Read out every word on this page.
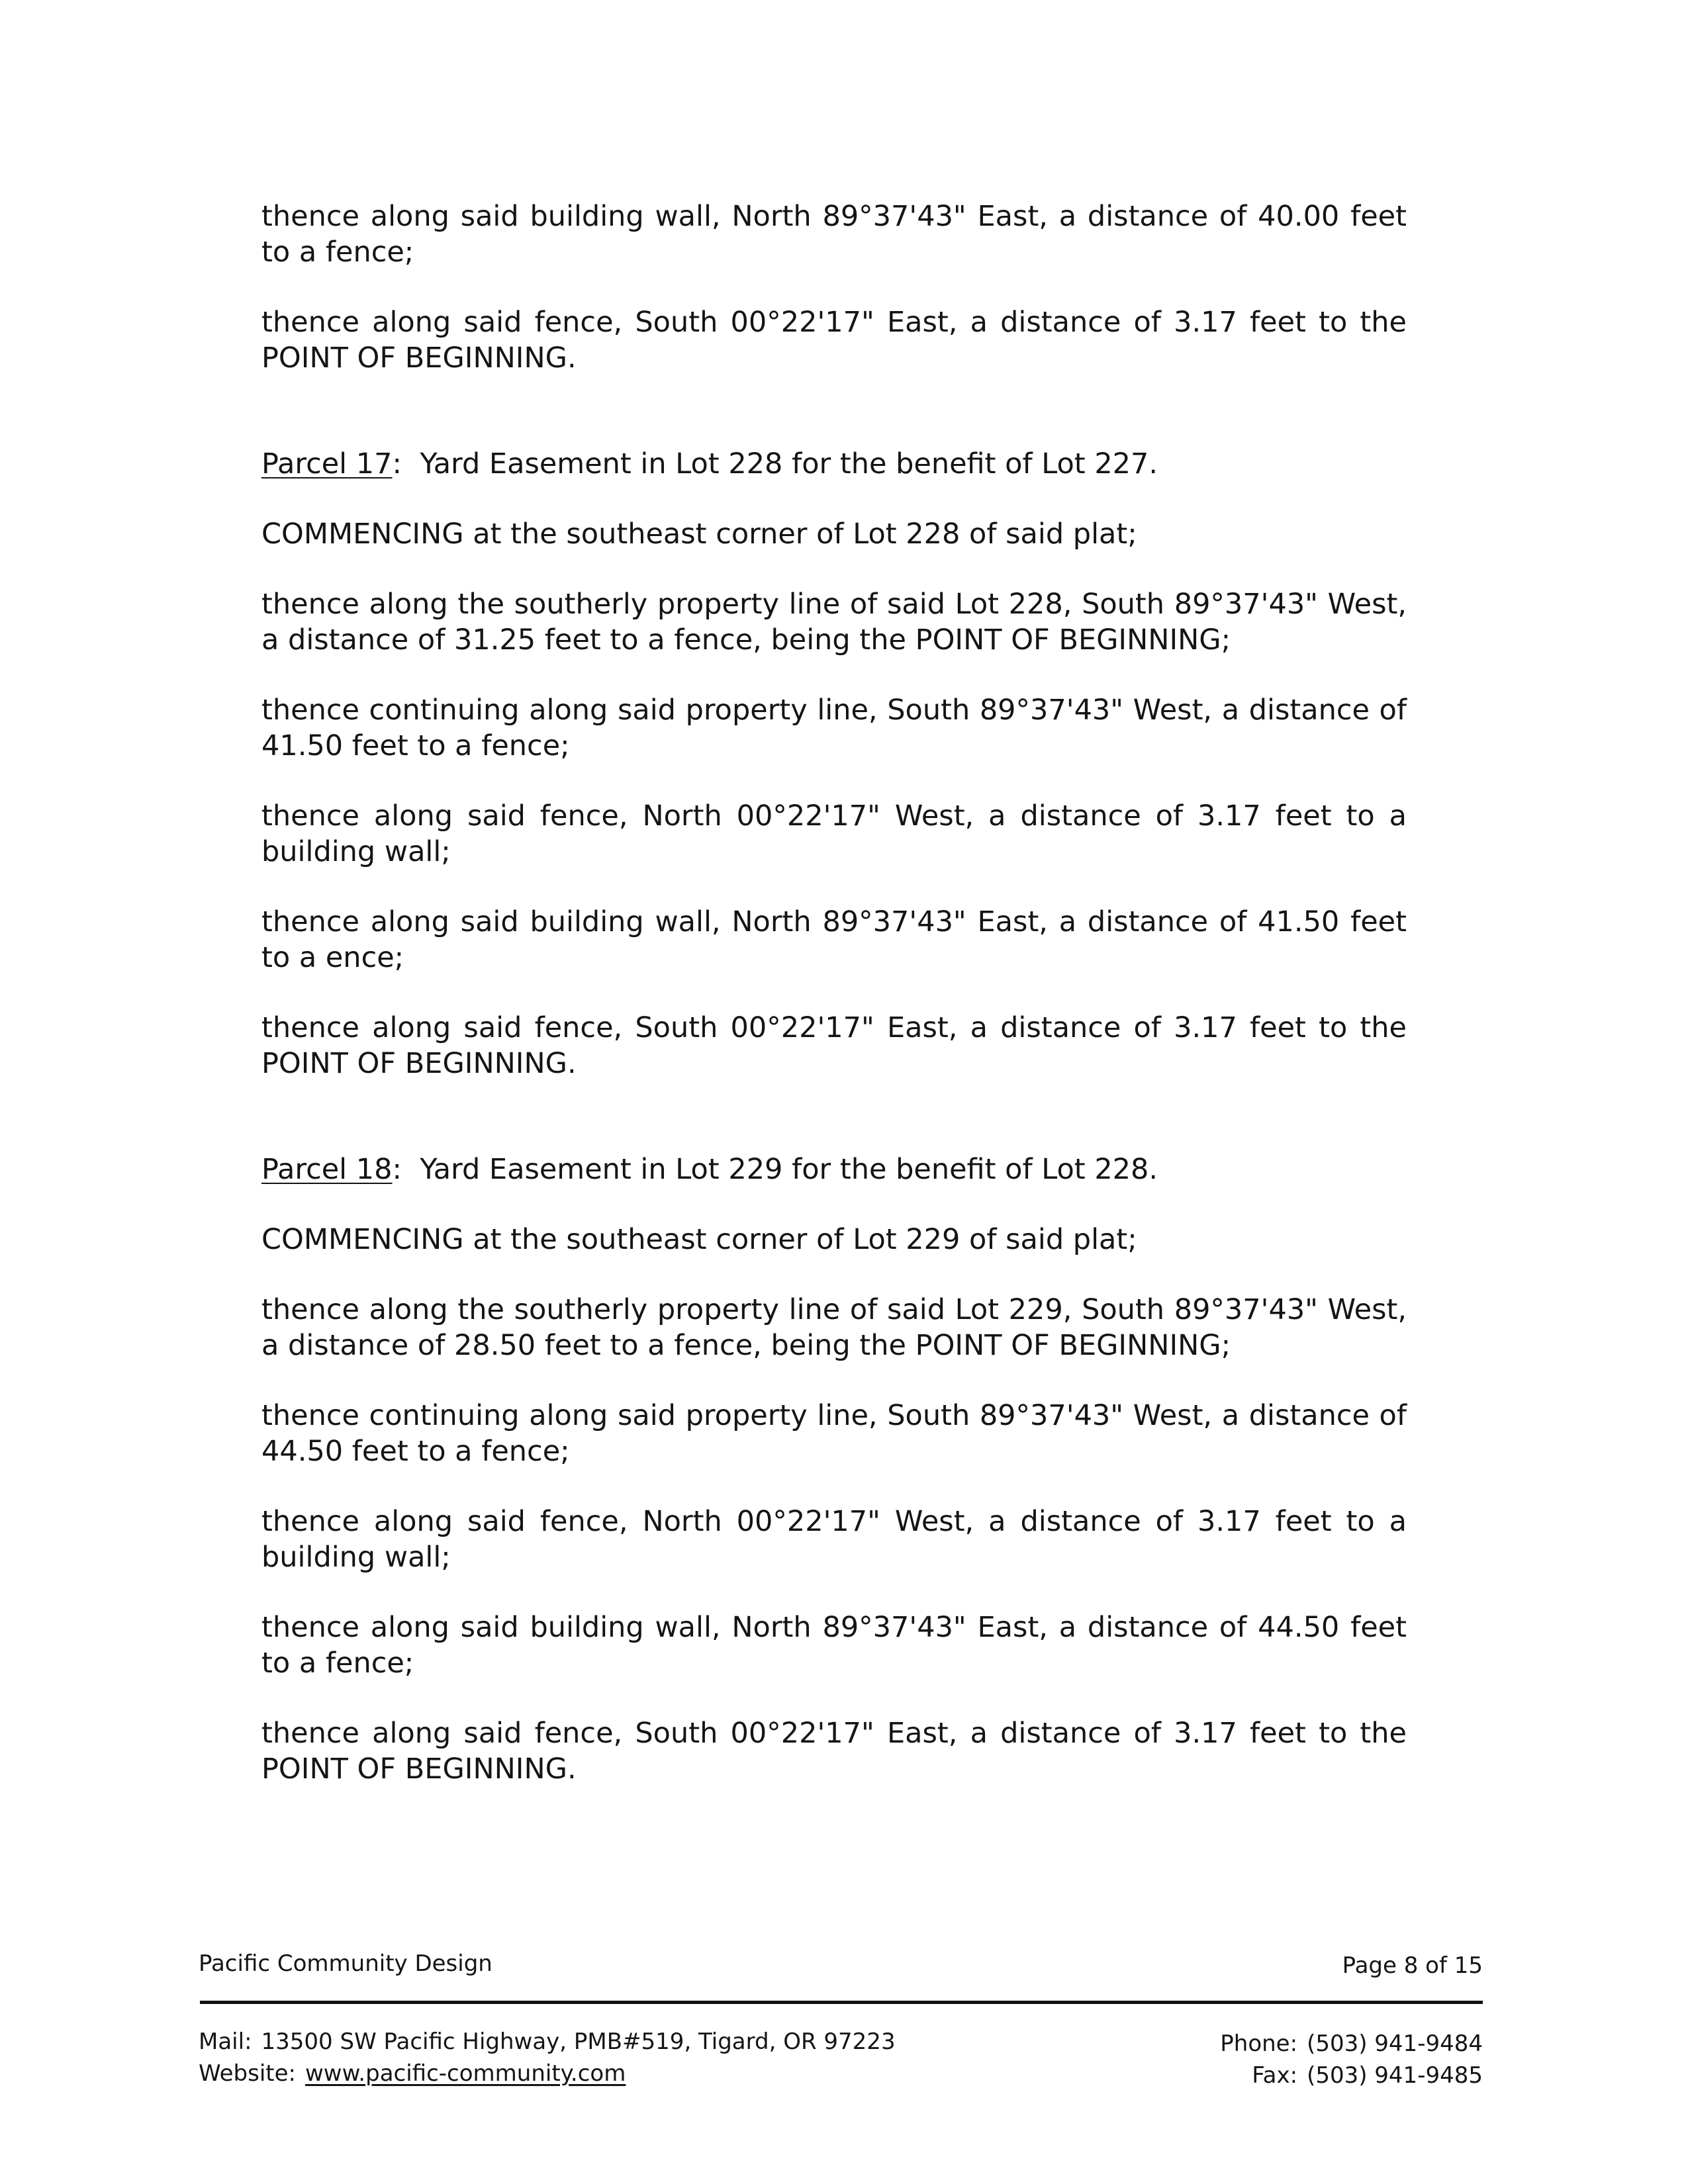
thence along said building wall, North 89°37'43" East, a distance of 40.00 feet to a fence;

thence along said fence, South 00°22'17" East, a distance of 3.17 feet to the POINT OF BEGINNING.

Parcel 17:  Yard Easement in Lot 228 for the benefit of Lot 227.

COMMENCING at the southeast corner of Lot 228 of said plat;

thence along the southerly property line of said Lot 228, South 89°37'43" West, a distance of 31.25 feet to a fence, being the POINT OF BEGINNING;

thence continuing along said property line, South 89°37'43" West, a distance of 41.50 feet to a fence;

thence along said fence, North 00°22'17" West, a distance of 3.17 feet to a building wall;

thence along said building wall, North 89°37'43" East, a distance of 41.50 feet to a ence;

thence along said fence, South 00°22'17" East, a distance of 3.17 feet to the POINT OF BEGINNING.

Parcel 18:  Yard Easement in Lot 229 for the benefit of Lot 228.

COMMENCING at the southeast corner of Lot 229 of said plat;

thence along the southerly property line of said Lot 229, South 89°37'43" West, a distance of 28.50 feet to a fence, being the POINT OF BEGINNING;

thence continuing along said property line, South 89°37'43" West, a distance of 44.50 feet to a fence;

thence along said fence, North 00°22'17" West, a distance of 3.17 feet to a building wall;

thence along said building wall, North 89°37'43" East, a distance of 44.50 feet to a fence;

thence along said fence, South 00°22'17" East, a distance of 3.17 feet to the POINT OF BEGINNING.

Pacific Community Design	Page 8 of 15
Mail: 13500 SW Pacific Highway, PMB#519, Tigard, OR 97223
Website: www.pacific-community.com
Phone: (503) 941-9484
Fax: (503) 941-9485
